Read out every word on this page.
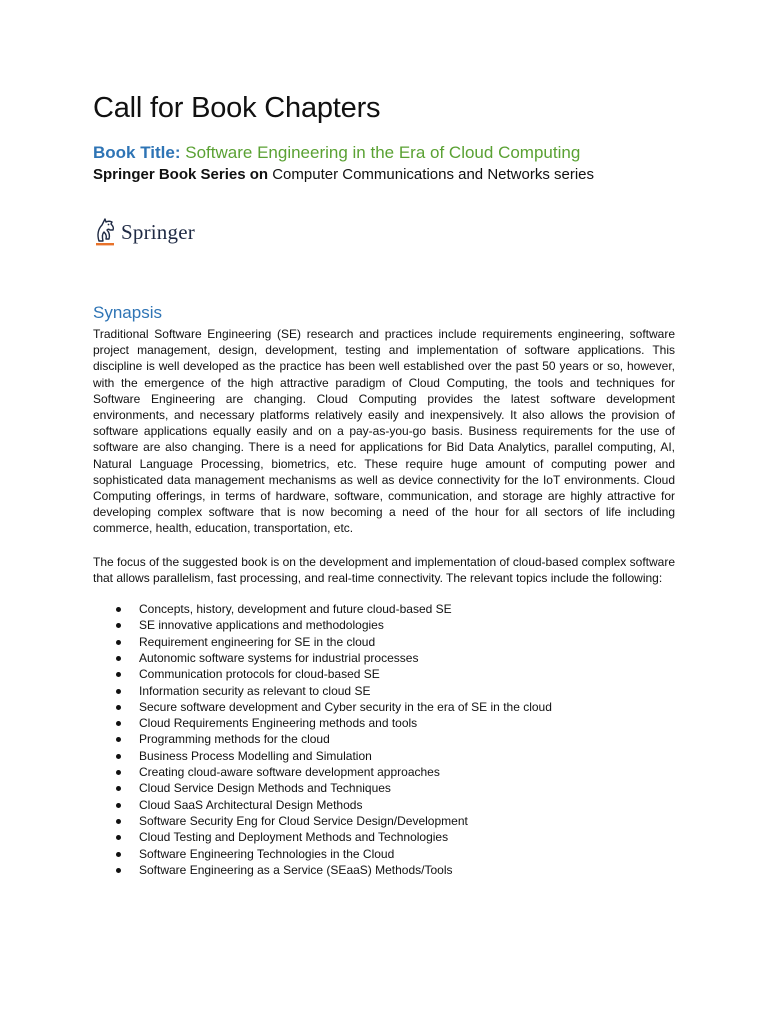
Call for Book Chapters
Book Title: Software Engineering in the Era of Cloud Computing
Springer Book Series on Computer Communications and Networks series
Springer
Synapsis

Traditional Software Engineering (SE) research and practices include requirements engineering, software project management, design, development, testing and implementation of software applications. This discipline is well developed as the practice has been well established over the past 50 years or so, however, with the emergence of the high attractive paradigm of Cloud Computing, the tools and techniques for Software Engineering are changing. Cloud Computing provides the latest software development environments, and necessary platforms relatively easily and inexpensively. It also allows the provision of software applications equally easily and on a pay-as-you-go basis. Business requirements for the use of software are also changing. There is a need for applications for Bid Data Analytics, parallel computing, AI, Natural Language Processing, biometrics, etc. These require huge amount of computing power and sophisticated data management mechanisms as well as device connectivity for the IoT environments. Cloud Computing offerings, in terms of hardware, software, communication, and storage are highly attractive for developing complex software that is now becoming a need of the hour for all sectors of life including commerce, health, education, transportation, etc.

The focus of the suggested book is on the development and implementation of cloud-based complex software that allows parallelism, fast processing, and real-time connectivity. The relevant topics include the following:

Concepts, history, development and future cloud-based SE
SE innovative applications and methodologies
Requirement engineering for SE in the cloud
Autonomic software systems for industrial processes
Communication protocols for cloud-based SE
Information security as relevant to cloud SE
Secure software development and Cyber security in the era of SE in the cloud
Cloud Requirements Engineering methods and tools
Programming methods for the cloud
Business Process Modelling and Simulation
Creating cloud-aware software development approaches
Cloud Service Design Methods and Techniques
Cloud SaaS Architectural Design Methods
Software Security Eng for Cloud Service Design/Development
Cloud Testing and Deployment Methods and Technologies
Software Engineering Technologies in the Cloud
Software Engineering as a Service (SEaaS) Methods/Tools
